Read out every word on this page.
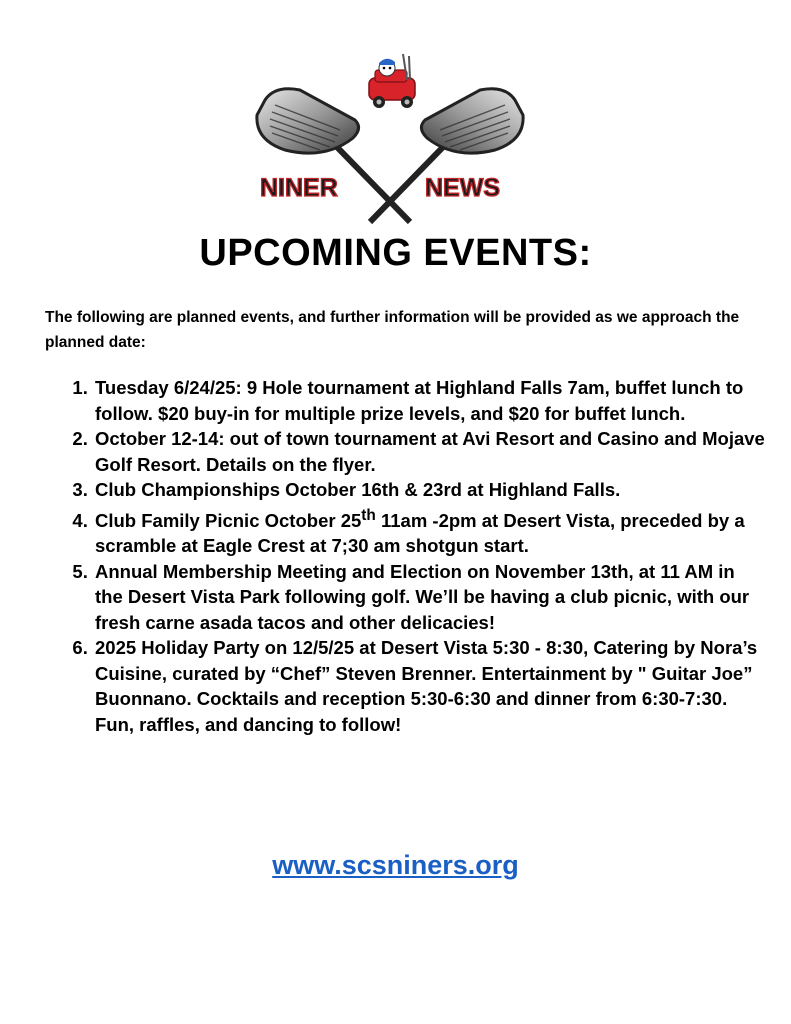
NINER	NEWS
UPCOMING EVENTS:

The following are planned events, and further information will be provided as we approach the planned date:

1. Tuesday 6/24/25: 9 Hole tournament at Highland Falls 7am, buffet lunch to follow. $20 buy-in for multiple prize levels, and $20 for buffet lunch.
2. October 12-14: out of town tournament at Avi Resort and Casino and Mojave Golf Resort. Details on the flyer.
3. Club Championships October 16th & 23rd at Highland Falls.
4. Club Family Picnic October 25th 11am -2pm at Desert Vista, preceded by a scramble at Eagle Crest at 7;30 am shotgun start.
5. Annual Membership Meeting and Election on November 13th, at 11 AM in the Desert Vista Park following golf. We’ll be having a club picnic, with our fresh carne asada tacos and other delicacies!
6. 2025 Holiday Party on 12/5/25 at Desert Vista 5:30 - 8:30, Catering by Nora’s Cuisine, curated by “Chef” Steven Brenner. Entertainment by " Guitar Joe” Buonnano. Cocktails and reception 5:30-6:30 and dinner from 6:30-7:30. Fun, raffles, and dancing to follow!
www.scsniners.org
